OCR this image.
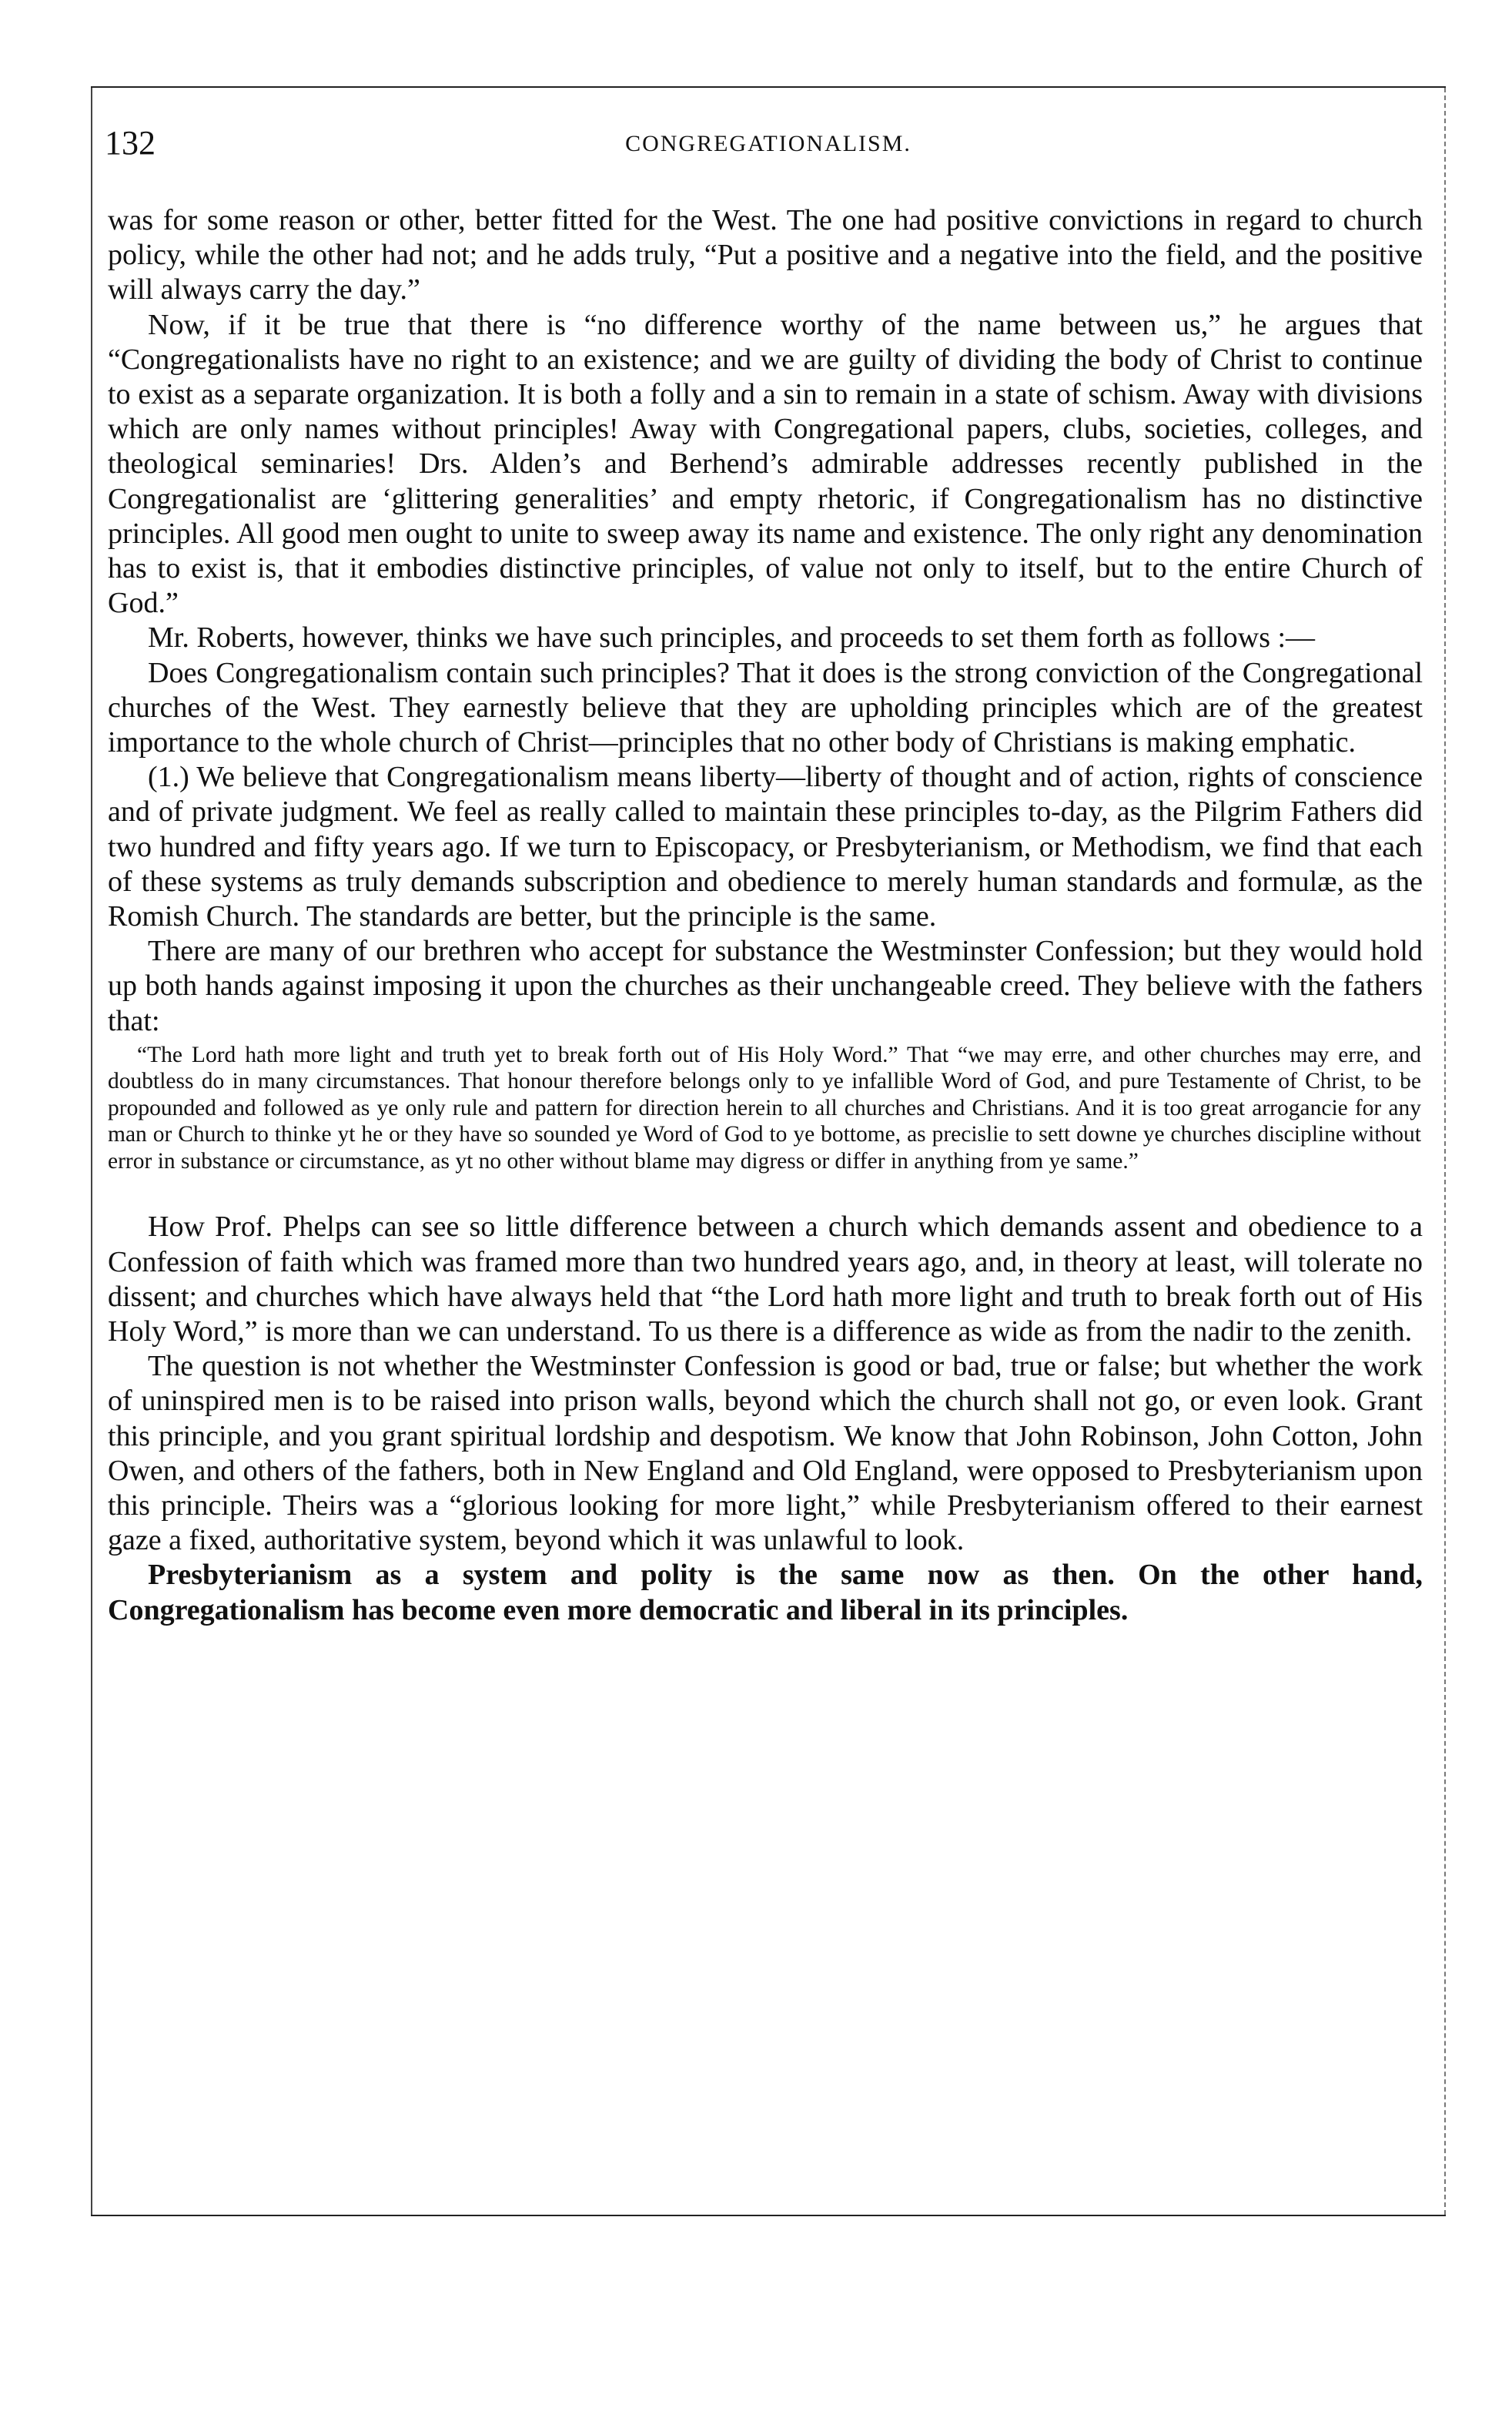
132	CONGREGATIONALISM.

was for some reason or other, better fitted for the West. The one had positive convictions in regard to church policy, while the other had not; and he adds truly, “Put a positive and a negative into the field, and the positive will always carry the day.”

Now, if it be true that there is “no difference worthy of the name between us,” he argues that “Congregationalists have no right to an existence; and we are guilty of dividing the body of Christ to continue to exist as a separate organization. It is both a folly and a sin to remain in a state of schism. Away with divisions which are only names without principles! Away with Congregational papers, clubs, societies, colleges, and theological seminaries! Drs. Alden’s and Berhend’s admirable addresses recently published in the Congregationalist are ‘glittering generalities’ and empty rhetoric, if Congregationalism has no distinctive principles. All good men ought to unite to sweep away its name and existence. The only right any denomination has to exist is, that it embodies distinctive principles, of value not only to itself, but to the entire Church of God.”

Mr. Roberts, however, thinks we have such principles, and proceeds to set them forth as follows :—

Does Congregationalism contain such principles? That it does is the strong conviction of the Congregational churches of the West. They earnestly believe that they are upholding principles which are of the greatest importance to the whole church of Christ—principles that no other body of Christians is making emphatic.

(1.) We believe that Congregationalism means liberty—liberty of thought and of action, rights of conscience and of private judgment. We feel as really called to maintain these principles to-day, as the Pilgrim Fathers did two hundred and fifty years ago. If we turn to Episcopacy, or Presbyterianism, or Methodism, we find that each of these systems as truly demands subscription and obedience to merely human standards and formulæ, as the Romish Church. The standards are better, but the principle is the same.

There are many of our brethren who accept for substance the Westminster Confession; but they would hold up both hands against imposing it upon the churches as their unchangeable creed. They believe with the fathers that:

“The Lord hath more light and truth yet to break forth out of His Holy Word.” That “we may erre, and other churches may erre, and doubtless do in many circumstances. That honour therefore belongs only to ye infallible Word of God, and pure Testamente of Christ, to be propounded and followed as ye only rule and pattern for direction herein to all churches and Christians. And it is too great arrogancie for any man or Church to thinke yt he or they have so sounded ye Word of God to ye bottome, as precislie to sett downe ye churches discipline without error in substance or circumstance, as yt no other without blame may digress or differ in anything from ye same.”

How Prof. Phelps can see so little difference between a church which demands assent and obedience to a Confession of faith which was framed more than two hundred years ago, and, in theory at least, will tolerate no dissent; and churches which have always held that “the Lord hath more light and truth to break forth out of His Holy Word,” is more than we can understand. To us there is a difference as wide as from the nadir to the zenith.

The question is not whether the Westminster Confession is good or bad, true or false; but whether the work of uninspired men is to be raised into prison walls, beyond which the church shall not go, or even look. Grant this principle, and you grant spiritual lordship and despotism. We know that John Robinson, John Cotton, John Owen, and others of the fathers, both in New England and Old England, were opposed to Presbyterianism upon this principle. Theirs was a “glorious looking for more light,” while Presbyterianism offered to their earnest gaze a fixed, authoritative system, beyond which it was unlawful to look.

Presbyterianism as a system and polity is the same now as then. On the other hand, Congregationalism has become even more democratic and liberal in its principles.
